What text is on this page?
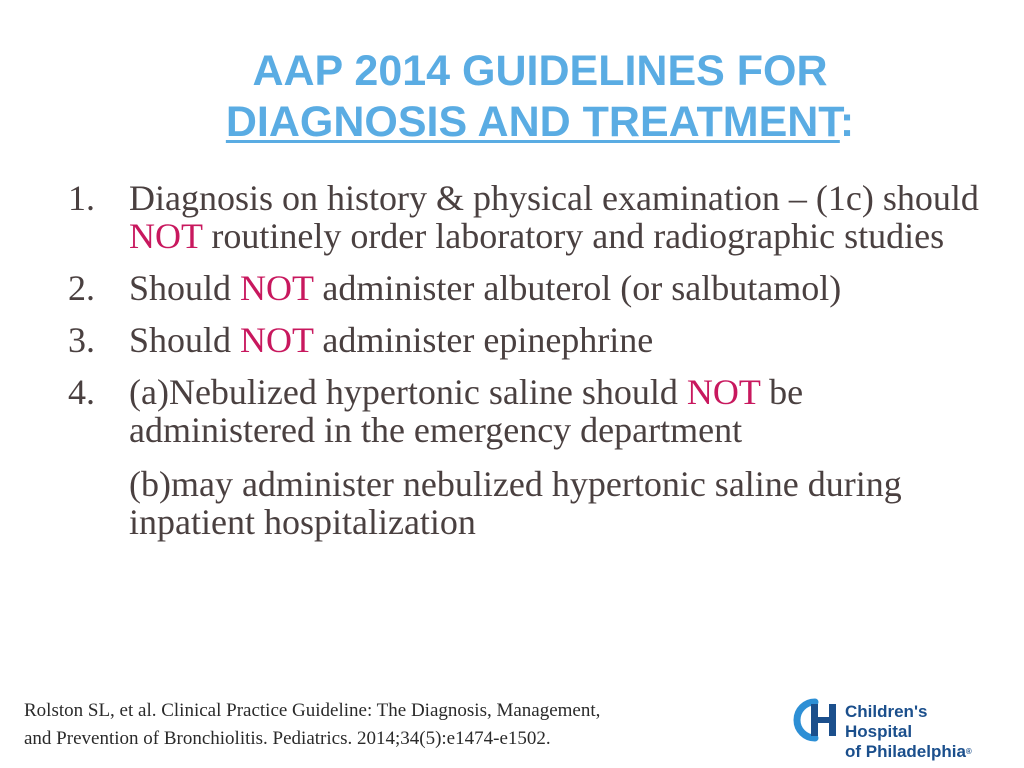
AAP 2014 GUIDELINES FOR
DIAGNOSIS AND TREATMENT:
1. Diagnosis on history & physical examination – (1c) should NOT routinely order laboratory and radiographic studies
2. Should NOT administer albuterol (or salbutamol)
3. Should NOT administer epinephrine
4. (a)Nebulized hypertonic saline should NOT be administered in the emergency department
(b)may administer nebulized hypertonic saline during inpatient hospitalization
Rolston SL, et al. Clinical Practice Guideline: The Diagnosis, Management,
and Prevention of Bronchiolitis. Pediatrics. 2014;34(5):e1474-e1502.
Children's Hospital
of Philadelphia®
